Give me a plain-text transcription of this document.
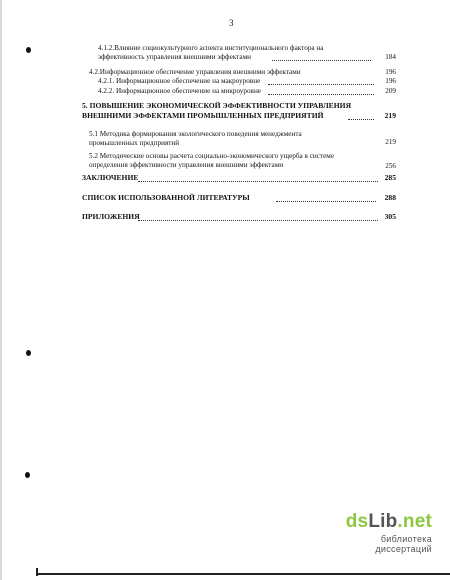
3
4.1.2.Влияние социокультурного аспекта институционального фактора на
эффективность управления внешними эффектами	184
4.2.Информационное обеспечение управления внешними эффектами	196
4.2.1. Информационное обеспечение на макроуровне	196
4.2.2. Информационное обеспечение на микроуровне	209
5. ПОВЫШЕНИЕ ЭКОНОМИЧЕСКОЙ ЭФФЕКТИВНОСТИ УПРАВЛЕНИЯ
ВНЕШНИМИ ЭФФЕКТАМИ ПРОМЫШЛЕННЫХ ПРЕДПРИЯТИЙ	219
5.1 Методика формирования экологического поведения менеджмента
промышленных предприятий	219
5.2 Методические основы расчета социально-экономического ущерба в системе
определения эффективности управления внешними эффектами	256
ЗАКЛЮЧЕНИЕ	285
СПИСОК ИСПОЛЬЗОВАННОЙ ЛИТЕРАТУРЫ	288
ПРИЛОЖЕНИЯ	305
dsLib.net
библиотека диссертаций
